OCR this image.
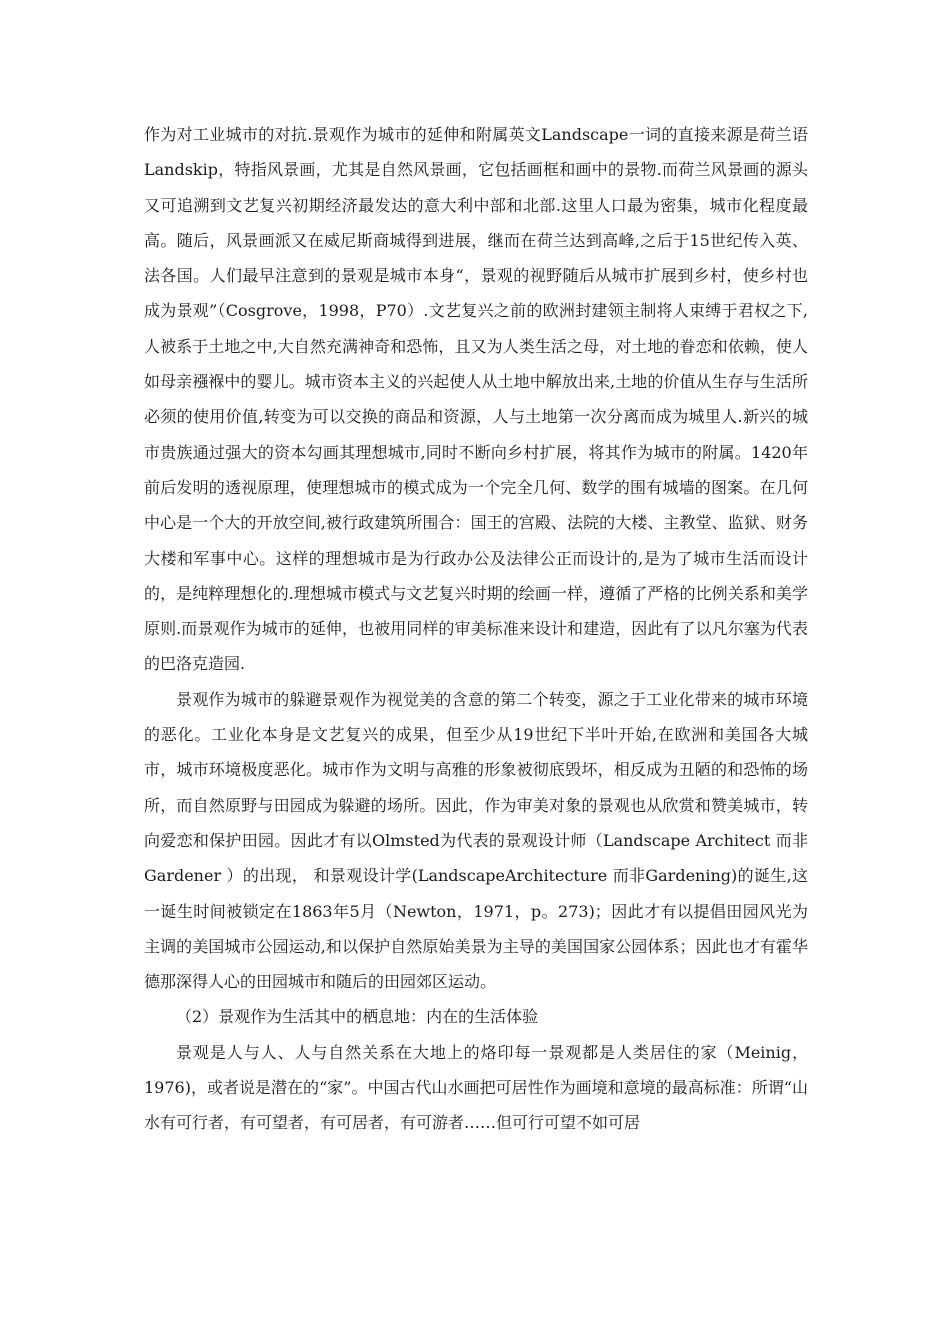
作为对工业城市的对抗.景观作为城市的延伸和附属英文Landscape一词的直接来源是荷兰语Landskip，特指风景画，尤其是自然风景画，它包括画框和画中的景物.而荷兰风景画的源头又可追溯到文艺复兴初期经济最发达的意大利中部和北部.这里人口最为密集，城市化程度最高。随后，风景画派又在威尼斯商城得到进展，继而在荷兰达到高峰,之后于15世纪传入英、法各国。人们最早注意到的景观是城市本身“，景观的视野随后从城市扩展到乡村，使乡村也成为景观”（Cosgrove，1998，P70）.文艺复兴之前的欧洲封建领主制将人束缚于君权之下,人被系于土地之中,大自然充满神奇和恐怖，且又为人类生活之母，对土地的眷恋和依赖，使人如母亲襁褓中的婴儿。城市资本主义的兴起使人从土地中解放出来,土地的价值从生存与生活所必须的使用价值,转变为可以交换的商品和资源，人与土地第一次分离而成为城里人.新兴的城市贵族通过强大的资本勾画其理想城市,同时不断向乡村扩展，将其作为城市的附属。1420年前后发明的透视原理，使理想城市的模式成为一个完全几何、数学的围有城墙的图案。在几何中心是一个大的开放空间,被行政建筑所围合：国王的宫殿、法院的大楼、主教堂、监狱、财务大楼和军事中心。这样的理想城市是为行政办公及法律公正而设计的,是为了城市生活而设计的，是纯粹理想化的.理想城市模式与文艺复兴时期的绘画一样，遵循了严格的比例关系和美学原则.而景观作为城市的延伸，也被用同样的审美标准来设计和建造，因此有了以凡尔塞为代表的巴洛克造园.

景观作为城市的躲避景观作为视觉美的含意的第二个转变，源之于工业化带来的城市环境的恶化。工业化本身是文艺复兴的成果，但至少从19世纪下半叶开始,在欧洲和美国各大城市，城市环境极度恶化。城市作为文明与高雅的形象被彻底毁坏，相反成为丑陋的和恐怖的场所，而自然原野与田园成为躲避的场所。因此，作为审美对象的景观也从欣赏和赞美城市，转向爱恋和保护田园。因此才有以Olmsted为代表的景观设计师（Landscape Architect 而非 Gardener ）的出现， 和景观设计学(LandscapeArchitecture 而非Gardening)的诞生,这一诞生时间被锁定在1863年5月（Newton，1971，p。273)；因此才有以提倡田园风光为主调的美国城市公园运动,和以保护自然原始美景为主导的美国国家公园体系；因此也才有霍华德那深得人心的田园城市和随后的田园郊区运动。

（2）景观作为生活其中的栖息地：内在的生活体验

景观是人与人、人与自然关系在大地上的烙印每一景观都是人类居住的家（Meinig，1976)，或者说是潜在的“家”。中国古代山水画把可居性作为画境和意境的最高标准：所谓“山水有可行者，有可望者，有可居者，有可游者……但可行可望不如可居
